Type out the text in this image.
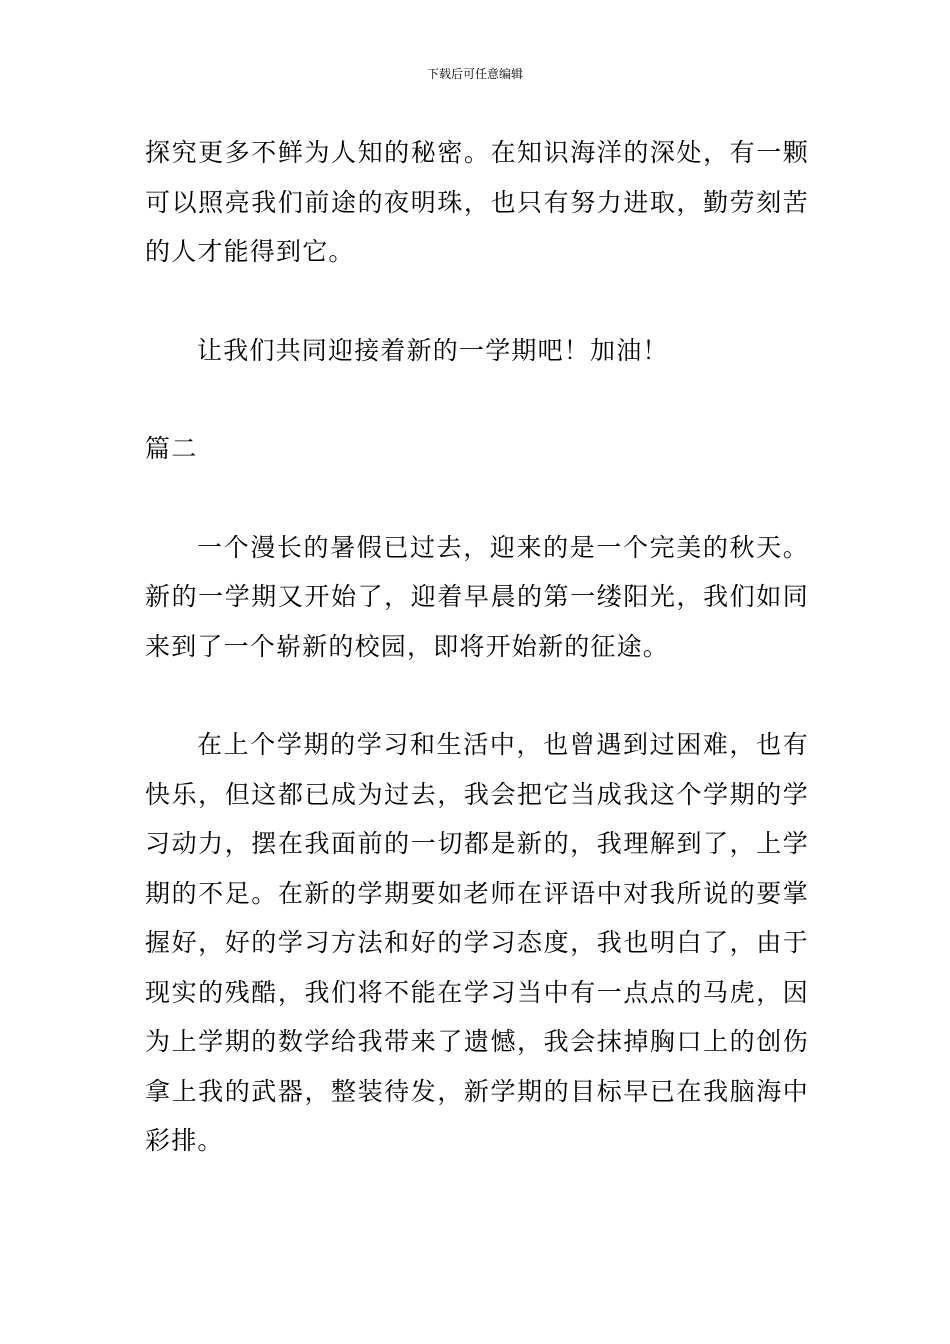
下载后可任意编辑

探究更多不鲜为人知的秘密。在知识海洋的深处，有一颗可以照亮我们前途的夜明珠，也只有努力进取，勤劳刻苦的人才能得到它。

让我们共同迎接着新的一学期吧！加油！

篇二

一个漫长的暑假已过去，迎来的是一个完美的秋天。新的一学期又开始了，迎着早晨的第一缕阳光，我们如同来到了一个崭新的校园，即将开始新的征途。

在上个学期的学习和生活中，也曾遇到过困难，也有快乐，但这都已成为过去，我会把它当成我这个学期的学习动力，摆在我面前的一切都是新的，我理解到了，上学期的不足。在新的学期要如老师在评语中对我所说的要掌握好，好的学习方法和好的学习态度，我也明白了，由于现实的残酷，我们将不能在学习当中有一点点的马虎，因为上学期的数学给我带来了遗憾，我会抹掉胸口上的创伤拿上我的武器，整装待发，新学期的目标早已在我脑海中彩排。
